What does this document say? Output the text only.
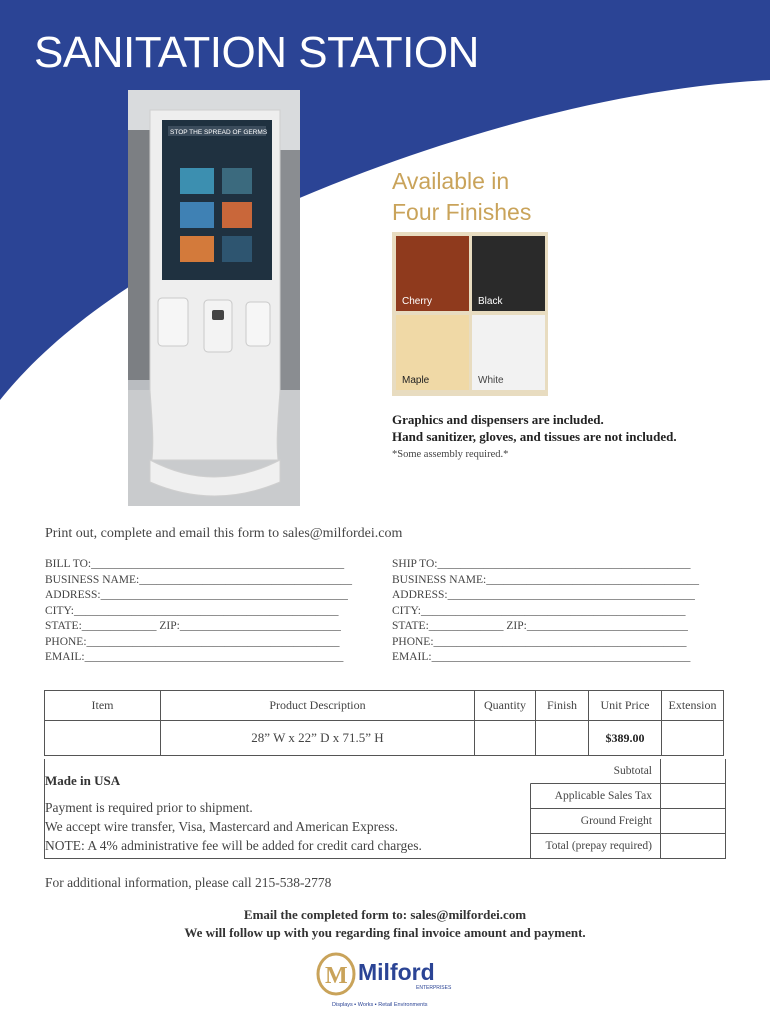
SANITATION STATION
STOP THE SPREAD OF GERMS
Available in
Four Finishes
Cherry	Black
Maple	White
Graphics and dispensers are included.
Hand sanitizer, gloves, and tissues are not included.
*Some assembly required.*
Print out, complete and email this form to sales@milfordei.com
BILL TO:____________________________________________
BUSINESS NAME:_____________________________________
ADDRESS:___________________________________________
CITY:______________________________________________
STATE:_____________ ZIP:____________________________
PHONE:____________________________________________
EMAIL:_____________________________________________
SHIP TO:____________________________________________
BUSINESS NAME:_____________________________________
ADDRESS:___________________________________________
CITY:______________________________________________
STATE:_____________ ZIP:____________________________
PHONE:____________________________________________
EMAIL:_____________________________________________
Item	Product Description	Quantity	Finish	Unit Price	Extension
	28” W x 22” D x 71.5” H			$389.00	
Subtotal
Applicable Sales Tax
Ground Freight
Total (prepay required)
Made in USA
Payment is required prior to shipment.
We accept wire transfer, Visa, Mastercard and American Express.
NOTE: A 4% administrative fee will be added for credit card charges.
For additional information, please call 215-538-2778
Email the completed form to: sales@milfordei.com
We will follow up with you regarding final invoice amount and payment.
M Milford
ENTERPRISES
Displays ▪ Works ▪ Retail Environments
